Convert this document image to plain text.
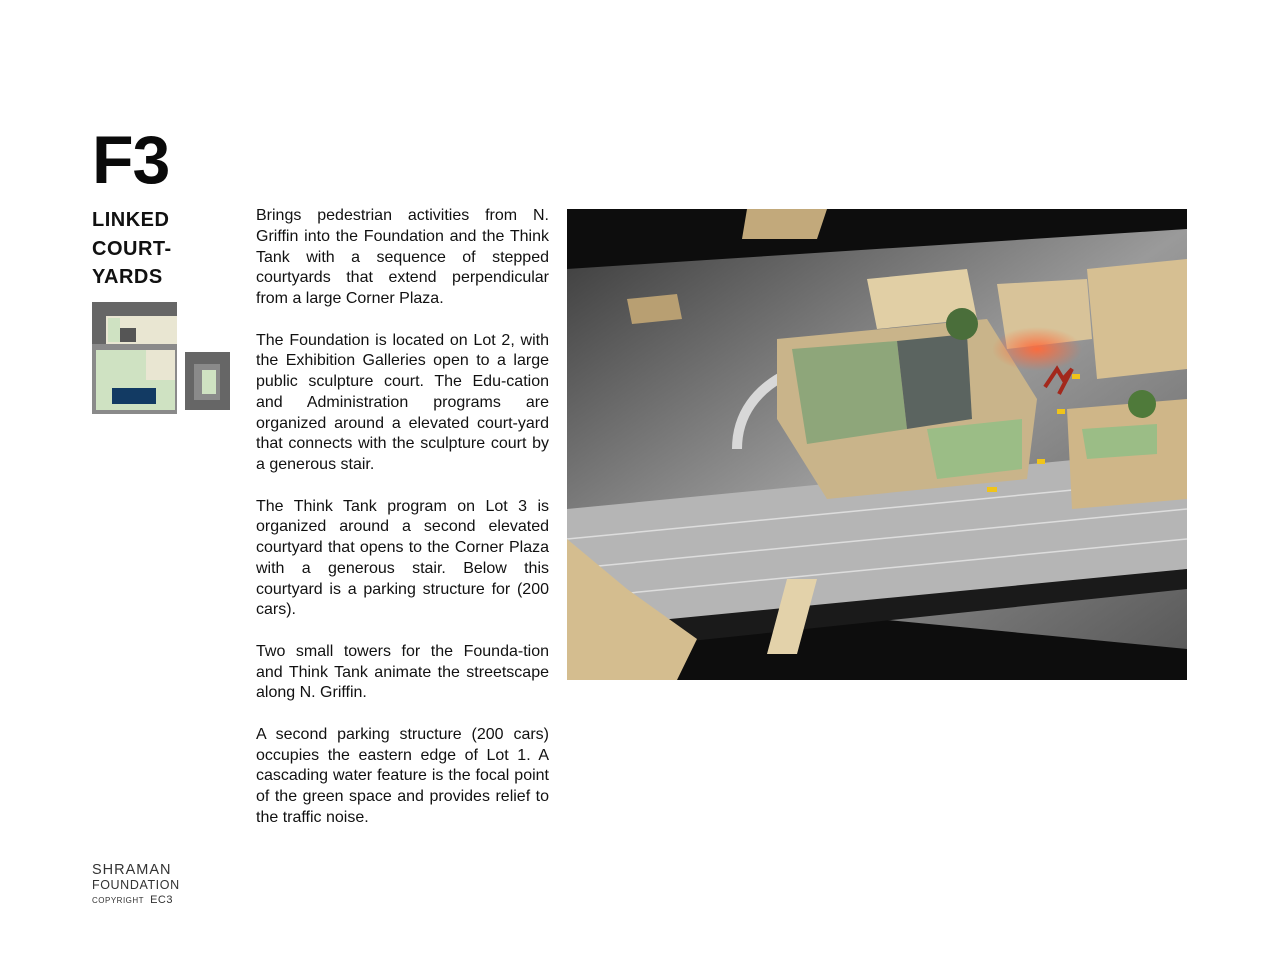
F3
LINKED
COURT-
YARDS

Brings pedestrian activities from N. Griffin into the Foundation and the Think Tank with a sequence of stepped courtyards that extend perpendicular from a large Corner Plaza.

The Foundation is located on Lot 2, with the Exhibition Galleries open to a large public sculpture court. The Edu-cation and Administration programs are organized around a elevated court-yard that connects with the sculpture court by a generous stair.

The Think Tank program on Lot 3 is organized around a second elevated courtyard that opens to the Corner Plaza with a generous stair. Below this courtyard is a parking structure for (200 cars).

Two small towers for the Founda-tion and Think Tank animate the streetscape along N. Griffin.

A second parking structure (200 cars) occupies the eastern edge of Lot 1. A cascading water feature is the focal point of the green space and provides relief to the traffic noise.

SHRAMAN
FOUNDATION
COPYRIGHT EC3
